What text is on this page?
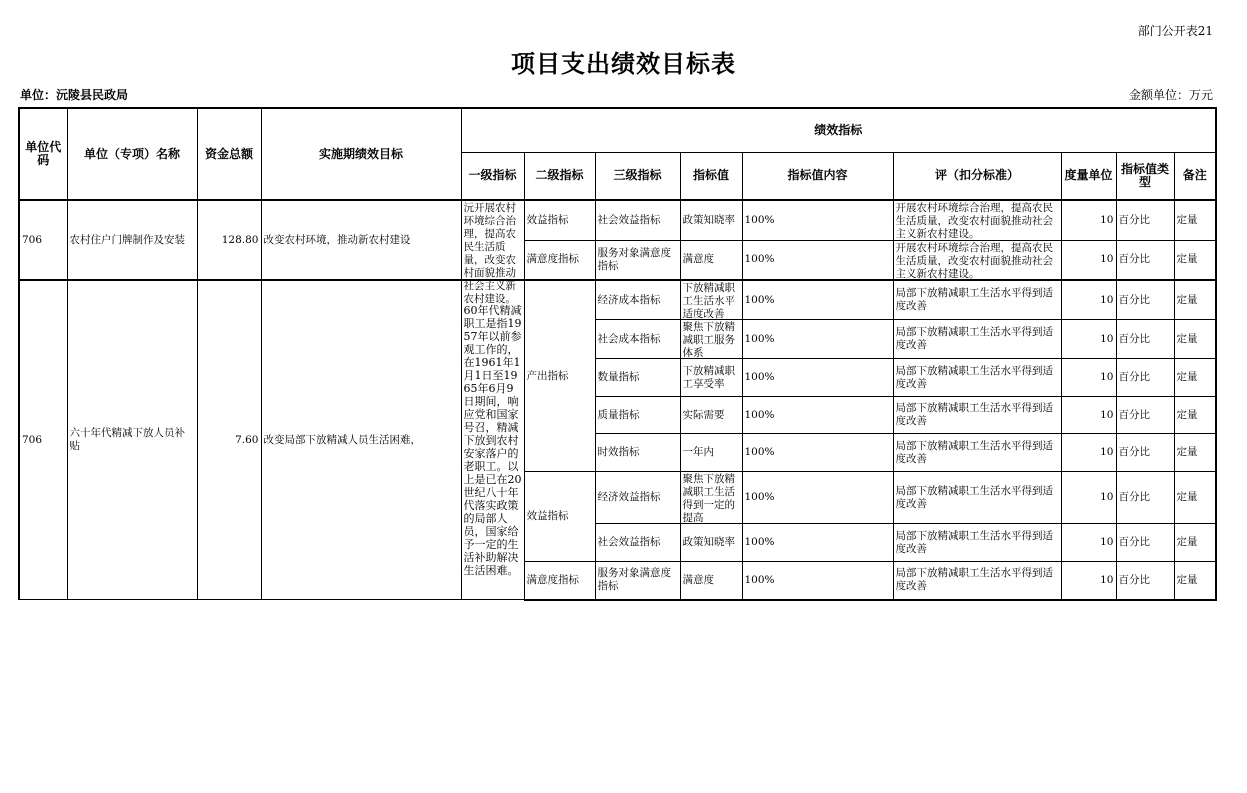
部门公开表21
项目支出绩效目标表
单位：沅陵县民政局	金额单位：万元
单位代码	单位（专项）名称	资金总额	实施期绩效目标	绩效指标								
				一级指标	二级指标	三级指标	指标值	指标值内容	评（扣分标准）	度量单位	指标值类型	备注
706	农村住户门牌制作及安装	128.80	改变农村环境，推动新农村建设	沅开展农村环境综合治理，提高农民生活质量，改变农村面貌推动社会主义新农村建设。	效益指标	社会效益指标	政策知晓率	100%	开展农村环境综合治理，提高农民生活质量，改变农村面貌推动社会主义新农村建设。	10	百分比	定量
					满意度指标	服务对象满意度指标	满意度	100%	开展农村环境综合治理，提高农民生活质量，改变农村面貌推动社会主义新农村建设。	10	百分比	定量
706	六十年代精减下放人员补贴	7.60	改变局部下放精减人员生活困难，	60年代精减职工是指1957年以前参观工作的，在1961年1月1日至1965年6月9日期间，响应党和国家号召，精减下放到农村安家落户的老职工。以上是已在20世纪八十年代落实政策的局部人员，国家给予一定的生活补助解决生活困难。	产出指标	经济成本指标	下放精减职工生活水平适度改善	100%	局部下放精减职工生活水平得到适度改善	10	百分比	定量
						社会成本指标	聚焦下放精减职工服务体系	100%	局部下放精减职工生活水平得到适度改善	10	百分比	定量
						数量指标	下放精减职工享受率	100%	局部下放精减职工生活水平得到适度改善	10	百分比	定量
						质量指标	实际需要	100%	局部下放精减职工生活水平得到适度改善	10	百分比	定量
						时效指标	一年内	100%	局部下放精减职工生活水平得到适度改善	10	百分比	定量
					效益指标	经济效益指标	聚焦下放精减职工生活得到一定的提高	100%	局部下放精减职工生活水平得到适度改善	10	百分比	定量
						社会效益指标	政策知晓率	100%	局部下放精减职工生活水平得到适度改善	10	百分比	定量
					满意度指标	服务对象满意度指标	满意度	100%	局部下放精减职工生活水平得到适度改善	10	百分比	定量
